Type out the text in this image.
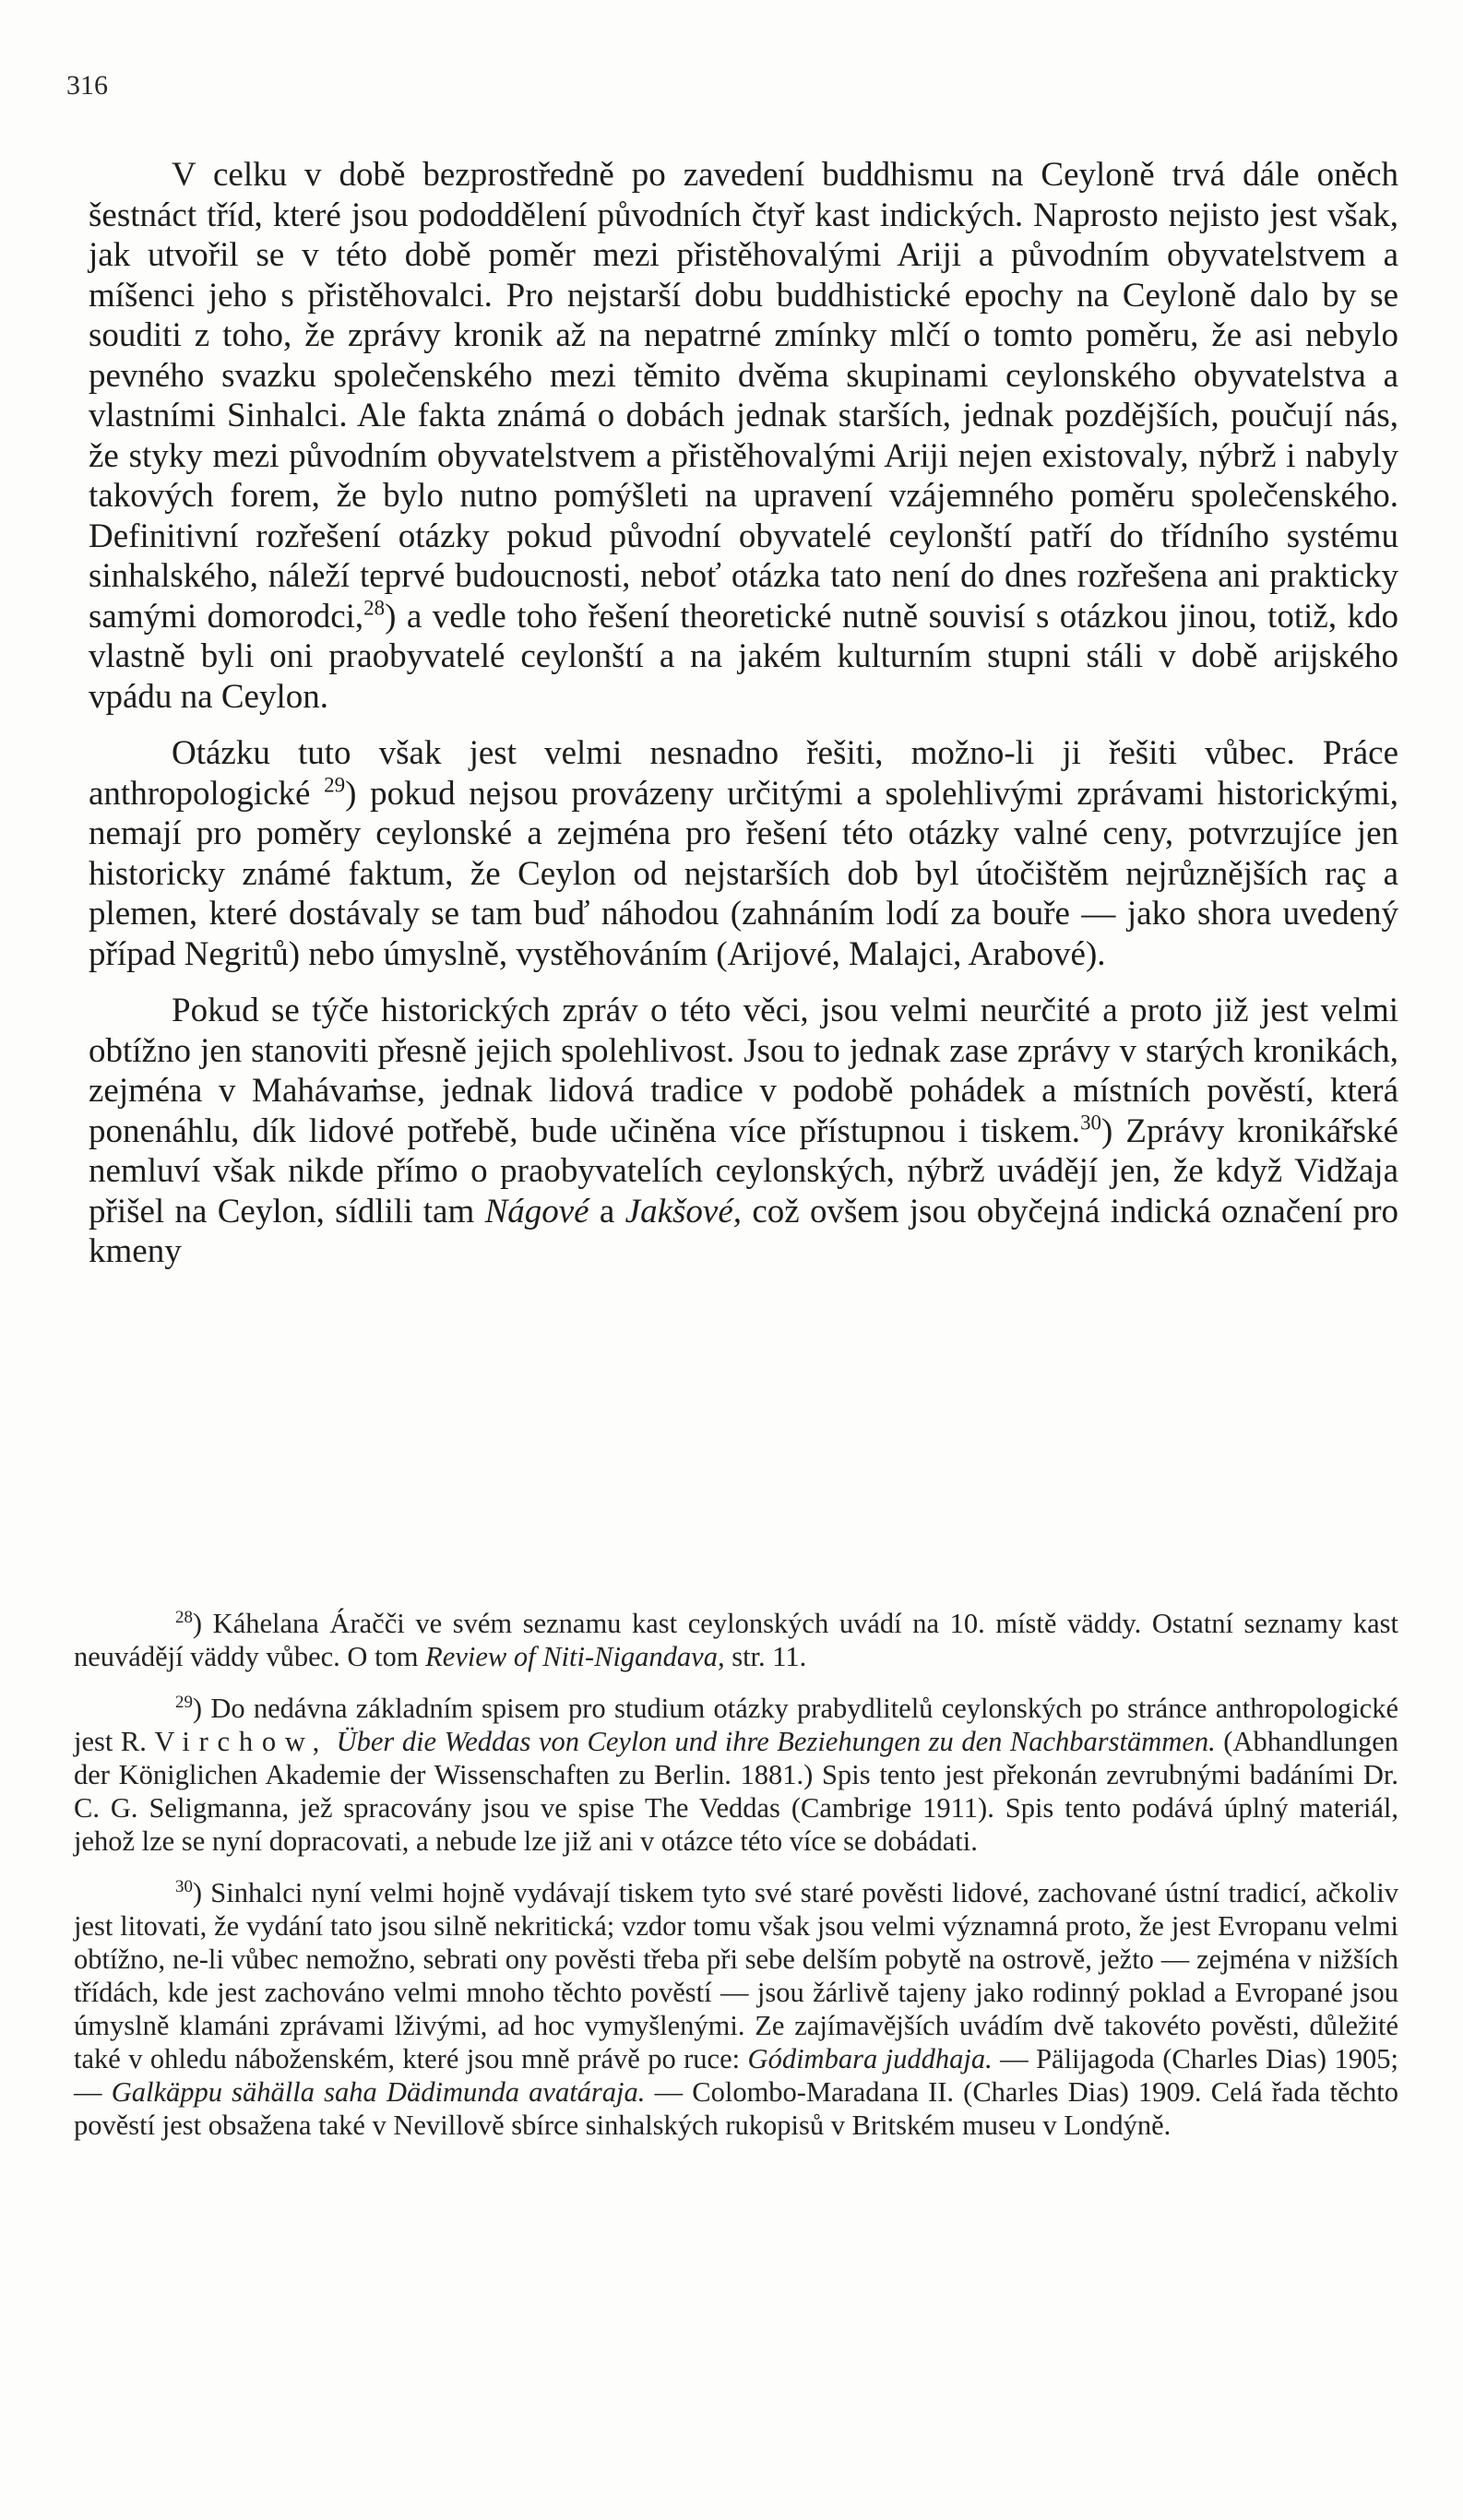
316

V celku v době bezprostředně po zavedení buddhismu na Ceyloně trvá dále oněch šestnáct tříd, které jsou pododdělení původních čtyř kast indických. Naprosto nejisto jest však, jak utvořil se v této době poměr mezi přistěhovalými Ariji a původním obyvatelstvem a míšenci jeho s přistěhovalci. Pro nejstarší dobu buddhistické epochy na Ceyloně dalo by se souditi z toho, že zprávy kronik až na nepatrné zmínky mlčí o tomto poměru, že asi nebylo pevného svazku společenského mezi těmito dvěma skupinami ceylonského obyvatelstva a vlastními Sinhalci. Ale fakta známá o dobách jednak starších, jednak pozdějších, poučují nás, že styky mezi původním obyvatelstvem a přistěhovalými Ariji nejen existovaly, nýbrž i nabyly takových forem, že bylo nutno pomýšleti na upravení vzájemného poměru společenského. Definitivní rozřešení otázky pokud původní obyvatelé ceylonští patří do třídního systému sinhalského, náleží teprvé budoucnosti, neboť otázka tato není do dnes rozřešena ani prakticky samými domorodci,$^{28}$) a vedle toho řešení theoretické nutně souvisí s otázkou jinou, totiž, kdo vlastně byli oni praobyvatelé ceylonští a na jakém kulturním stupni stáli v době arijského vpádu na Ceylon.

Otázku tuto však jest velmi nesnadno řešiti, možno-li ji řešiti vůbec. Práce anthropologické $^{29}$) pokud nejsou provázeny určitými a spolehlivými zprávami historickými, nemají pro poměry ceylonské a zejména pro řešení této otázky valné ceny, potvrzujíce jen historicky známé faktum, že Ceylon od nejstarších dob byl útočištěm nejrůznějších raç a plemen, které dostávaly se tam buď náhodou (zahnáním lodí za bouře — jako shora uvedený případ Negritů) nebo úmyslně, vystěhováním (Arijové, Malajci, Arabové).

Pokud se týče historických zpráv o této věci, jsou velmi neurčité a proto již jest velmi obtížno jen stanoviti přesně jejich spolehlivost. Jsou to jednak zase zprávy v starých kronikách, zejména v Mahávaṁse, jednak lidová tradice v podobě pohádek a místních pověstí, která ponenáhlu, dík lidové potřebě, bude učiněna více přístupnou i tiskem.$^{30}$) Zprávy kronikářské nemluví však nikde přímo o praobyvatelích ceylonských, nýbrž uvádějí jen, že když Vidžaja přišel na Ceylon, sídlili tam Nágové a Jakšové, což ovšem jsou obyčejná indická označení pro kmeny

$^{28}$) Káhelana Áračči ve svém seznamu kast ceylonských uvádí na 10. místě väddy. Ostatní seznamy kast neuvádějí väddy vůbec. O tom Review of Niti-Nigandava, str. 11.

$^{29}$) Do nedávna základním spisem pro studium otázky prabydlitelů ceylonských po stránce anthropologické jest R. Virchow, Über die Weddas von Ceylon und ihre Beziehungen zu den Nachbarstämmen. (Abhandlungen der Königlichen Akademie der Wissenschaften zu Berlin. 1881.) Spis tento jest překonán zevrubnými badáními Dr. C. G. Seligmanna, jež spracovány jsou ve spise The Veddas (Cambrige 1911). Spis tento podává úplný materiál, jehož lze se nyní dopracovati, a nebude lze již ani v otázce této více se dobádati.

$^{30}$) Sinhalci nyní velmi hojně vydávají tiskem tyto své staré pověsti lidové, zachované ústní tradicí, ačkoliv jest litovati, že vydání tato jsou silně nekritická; vzdor tomu však jsou velmi významná proto, že jest Evropanu velmi obtížno, ne-li vůbec nemožno, sebrati ony pověsti třeba při sebe delším pobytě na ostrově, ježto — zejména v nižších třídách, kde jest zachováno velmi mnoho těchto pověstí — jsou žárlivě tajeny jako rodinný poklad a Evropané jsou úmyslně klamáni zprávami lživými, ad hoc vymyšlenými. Ze zajímavějších uvádím dvě takovéto pověsti, důležité také v ohledu náboženském, které jsou mně právě po ruce: Gódimbara juddhaja. — Pälijagoda (Charles Dias) 1905; — Galkäppu sähälla saha Dädimunda avatáraja. — Colombo-Maradana II. (Charles Dias) 1909. Celá řada těchto pověstí jest obsažena také v Nevillově sbírce sinhalských rukopisů v Britském museu v Londýně.
